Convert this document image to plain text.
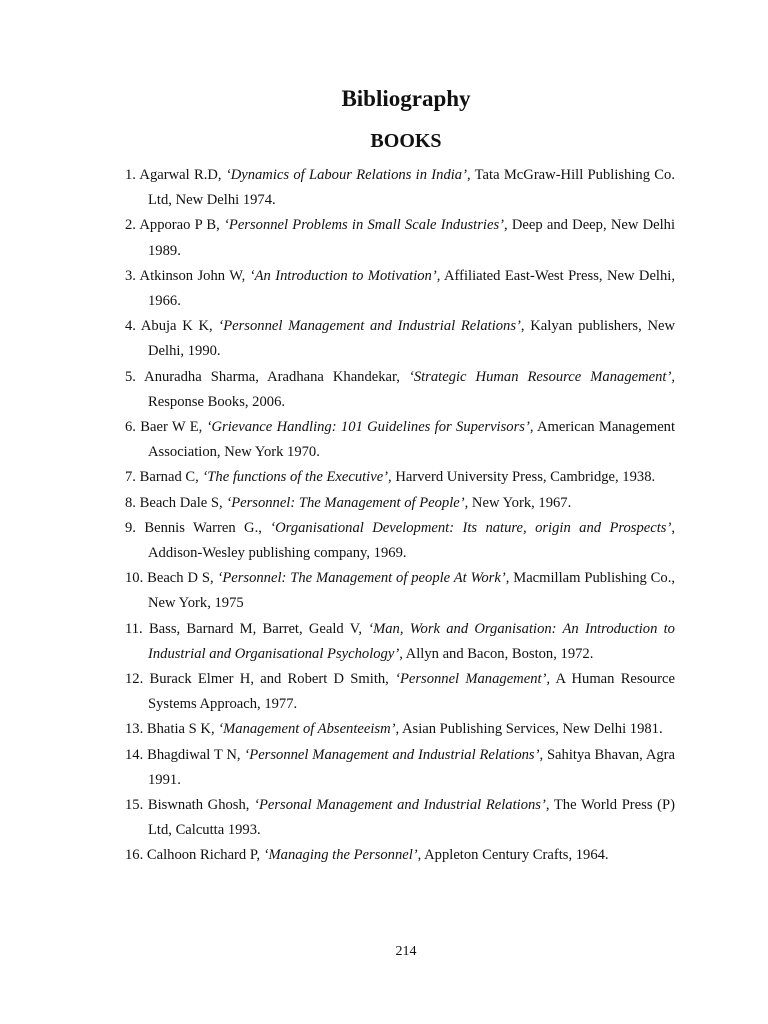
Bibliography
BOOKS
1. Agarwal R.D, ‘Dynamics of Labour Relations in India’, Tata McGraw-Hill Publishing Co. Ltd, New Delhi 1974.
2. Apporao P B, ‘Personnel Problems in Small Scale Industries’, Deep and Deep, New Delhi 1989.
3. Atkinson John W, ‘An Introduction to Motivation’, Affiliated East-West Press, New Delhi, 1966.
4. Abuja K K, ‘Personnel Management and Industrial Relations’, Kalyan publishers, New Delhi, 1990.
5. Anuradha Sharma, Aradhana Khandekar, ‘Strategic Human Resource Management’, Response Books, 2006.
6. Baer W E, ‘Grievance Handling: 101 Guidelines for Supervisors’, American Management Association, New York 1970.
7. Barnad C, ‘The functions of the Executive’, Harverd University Press, Cambridge, 1938.
8. Beach Dale S, ‘Personnel: The Management of People’, New York, 1967.
9. Bennis Warren G., ‘Organisational Development: Its nature, origin and Prospects’, Addison-Wesley publishing company, 1969.
10. Beach D S, ‘Personnel: The Management of people At Work’, Macmillam Publishing Co., New York, 1975
11. Bass, Barnard M, Barret, Geald V, ‘Man, Work and Organisation: An Introduction to Industrial and Organisational Psychology’, Allyn and Bacon, Boston, 1972.
12. Burack Elmer H, and Robert D Smith, ‘Personnel Management’, A Human Resource Systems Approach, 1977.
13. Bhatia S K, ‘Management of Absenteeism’, Asian Publishing Services, New Delhi 1981.
14. Bhagdiwal T N, ‘Personnel Management and Industrial Relations’, Sahitya Bhavan, Agra 1991.
15. Biswnath Ghosh, ‘Personal Management and Industrial Relations’, The World Press (P) Ltd, Calcutta 1993.
16. Calhoon Richard P, ‘Managing the Personnel’, Appleton Century Crafts, 1964.
214
